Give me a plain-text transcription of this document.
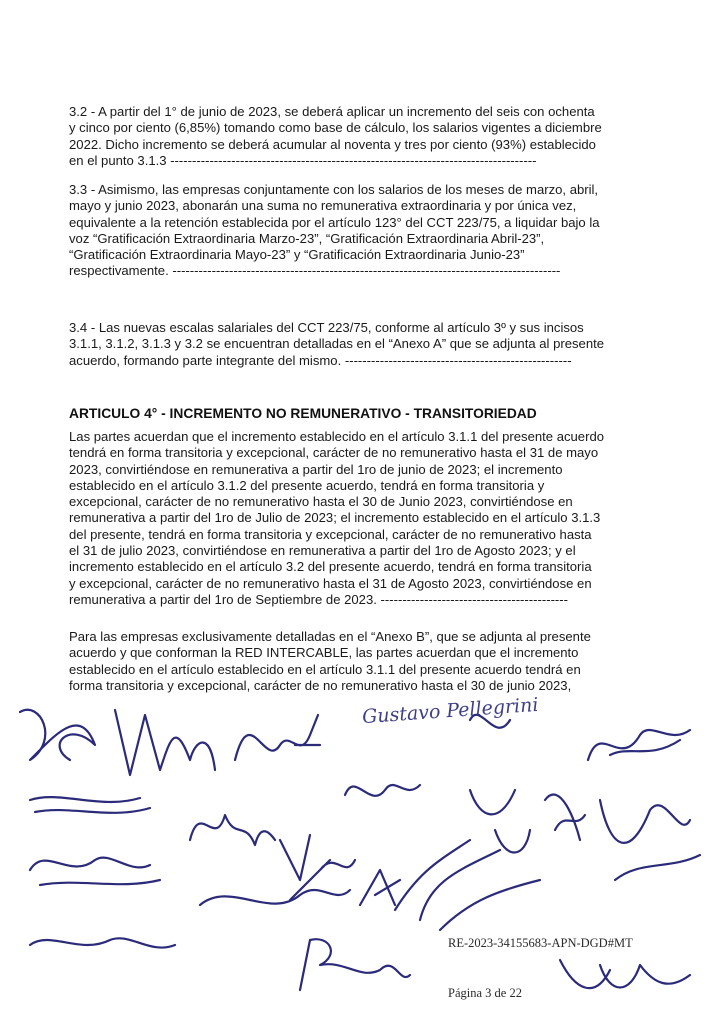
3.2 - A partir del 1° de junio de 2023, se deberá aplicar un incremento del seis con ochenta
y cinco por ciento (6,85%) tomando como base de cálculo, los salarios vigentes a diciembre
2022. Dicho incremento se deberá acumular al noventa y tres por ciento (93%) establecido
en el punto 3.1.3 ------------------------------------------------------------------------------------

3.3 - Asimismo, las empresas conjuntamente con los salarios de los meses de marzo, abril,
mayo y junio 2023, abonarán una suma no remunerativa extraordinaria y por única vez,
equivalente a la retención establecida por el artículo 123° del CCT 223/75, a liquidar bajo la
voz “Gratificación Extraordinaria Marzo-23”, “Gratificación Extraordinaria Abril-23”,
“Gratificación Extraordinaria Mayo-23” y “Gratificación Extraordinaria Junio-23”
respectivamente. -----------------------------------------------------------------------------------------

3.4 - Las nuevas escalas salariales del CCT 223/75, conforme al artículo 3º y sus incisos
3.1.1, 3.1.2, 3.1.3 y 3.2 se encuentran detalladas en el “Anexo A” que se adjunta al presente
acuerdo, formando parte integrante del mismo. ----------------------------------------------------

ARTICULO 4° - INCREMENTO NO REMUNERATIVO - TRANSITORIEDAD

Las partes acuerdan que el incremento establecido en el artículo 3.1.1 del presente acuerdo
tendrá en forma transitoria y excepcional, carácter de no remunerativo hasta el 31 de mayo
2023, convirtiéndose en remunerativa a partir del 1ro de junio de 2023; el incremento
establecido en el artículo 3.1.2 del presente acuerdo, tendrá en forma transitoria y
excepcional, carácter de no remunerativo hasta el 30 de Junio 2023, convirtiéndose en
remunerativa a partir del 1ro de Julio de 2023; el incremento establecido en el artículo 3.1.3
del presente, tendrá en forma transitoria y excepcional, carácter de no remunerativo hasta
el 31 de julio 2023, convirtiéndose en remunerativa a partir del 1ro de Agosto 2023; y el
incremento establecido en el artículo 3.2 del presente acuerdo, tendrá en forma transitoria
y excepcional, carácter de no remunerativo hasta el 31 de Agosto 2023, convirtiéndose en
remunerativa a partir del 1ro de Septiembre de 2023. -------------------------------------------

Para las empresas exclusivamente detalladas en el “Anexo B”, que se adjunta al presente
acuerdo y que conforman la RED INTERCABLE, las partes acuerdan que el incremento
establecido en el artículo establecido en el artículo 3.1.1 del presente acuerdo tendrá en
forma transitoria y excepcional, carácter de no remunerativo hasta el 30 de junio 2023,

Gustavo Pellegrini
RE-2023-34155683-APN-DGD#MT
Página 3 de 22
